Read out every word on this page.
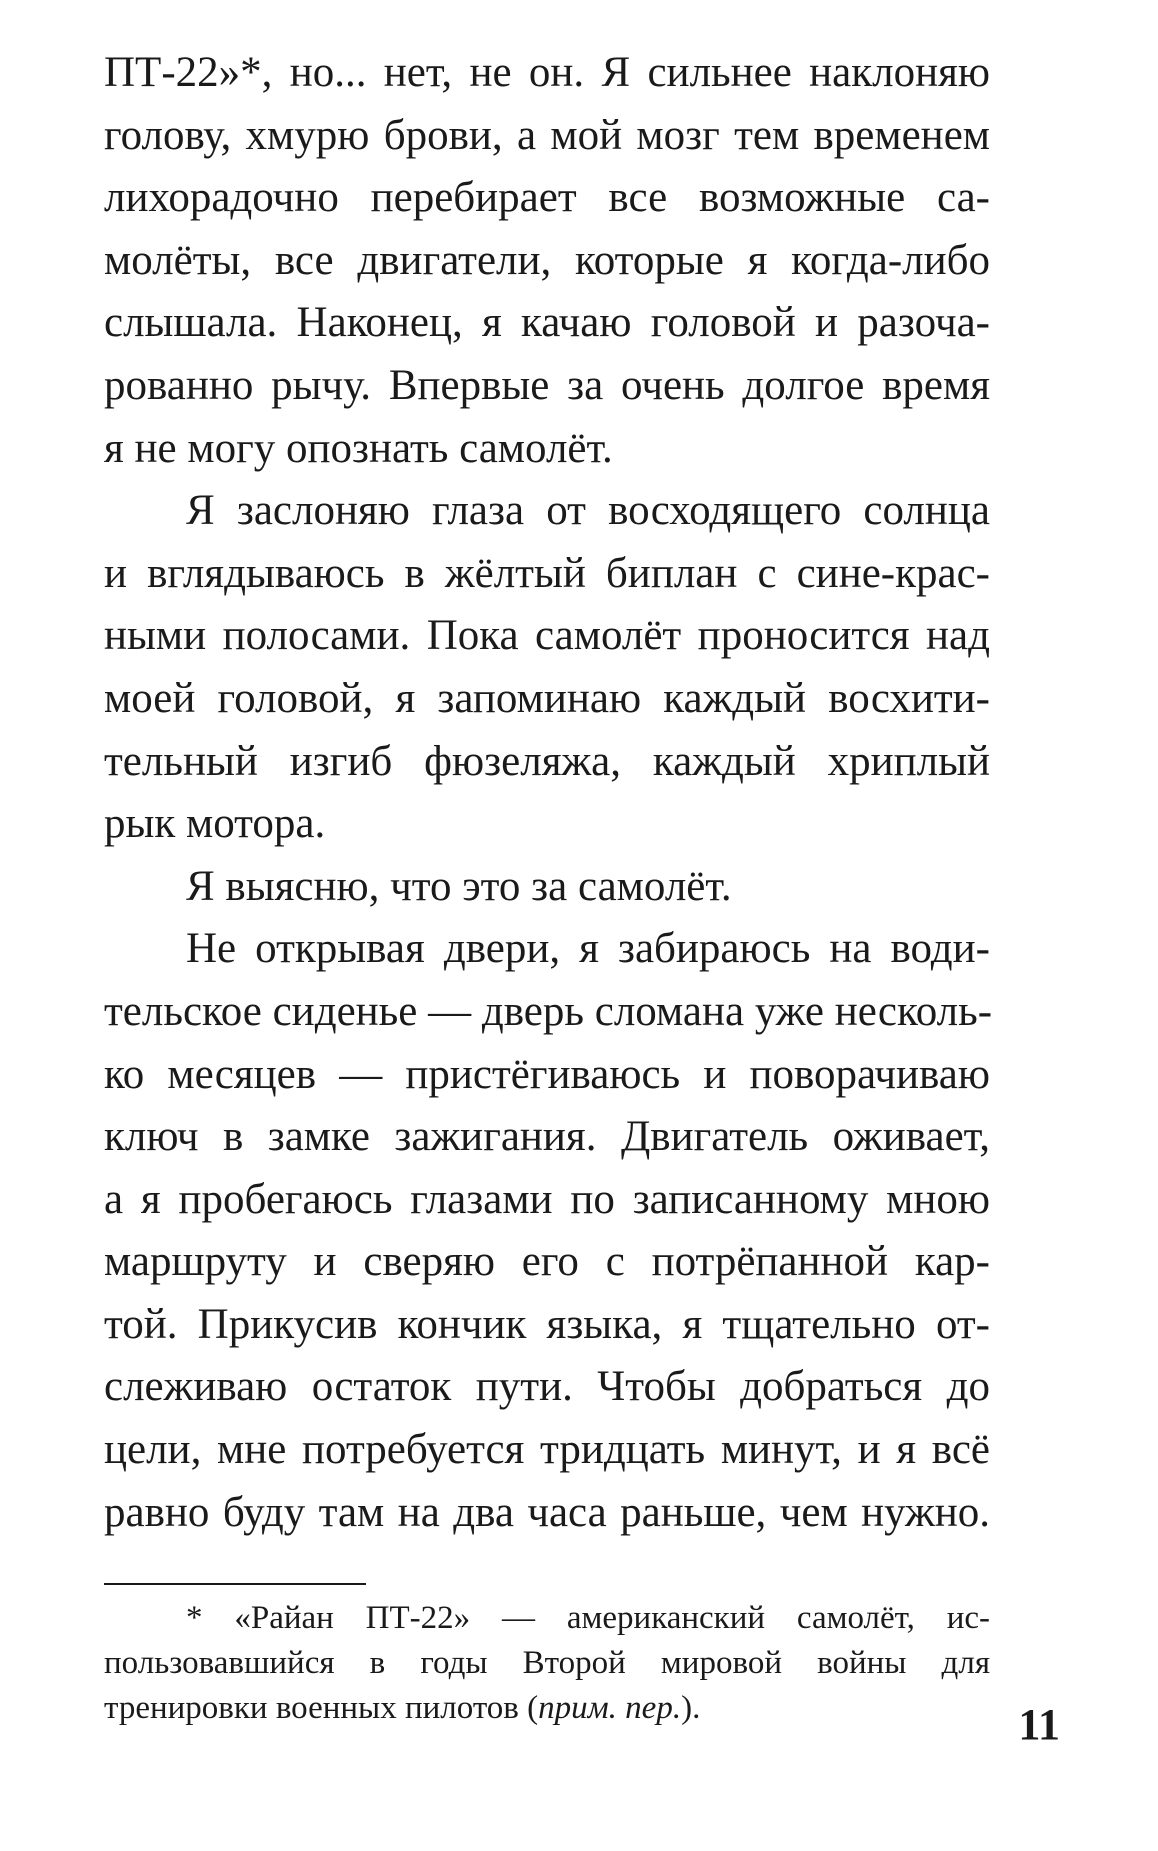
ПТ-22»*, но... нет, не он. Я сильнее наклоняю
голову, хмурю брови, а мой мозг тем временем
лихорадочно перебирает все возможные са-
молёты, все двигатели, которые я когда-либо
слышала. Наконец, я качаю головой и разоча-
рованно рычу. Впервые за очень долгое время
я не могу опознать самолёт.
Я заслоняю глаза от восходящего солнца
и вглядываюсь в жёлтый биплан с сине-крас-
ными полосами. Пока самолёт проносится над
моей головой, я запоминаю каждый восхити-
тельный изгиб фюзеляжа, каждый хриплый
рык мотора.
Я выясню, что это за самолёт.
Не открывая двери, я забираюсь на води-
тельское сиденье — дверь сломана уже несколь-
ко месяцев — пристёгиваюсь и поворачиваю
ключ в замке зажигания. Двигатель оживает,
а я пробегаюсь глазами по записанному мною
маршруту и сверяю его с потрёпанной кар-
той. Прикусив кончик языка, я тщательно от-
слеживаю остаток пути. Чтобы добраться до
цели, мне потребуется тридцать минут, и я всё
равно буду там на два часа раньше, чем нужно.
* «Райан ПТ-22» — американский самолёт, ис-
пользовавшийся в годы Второй мировой войны для
тренировки военных пилотов (прим. пер.).	11
